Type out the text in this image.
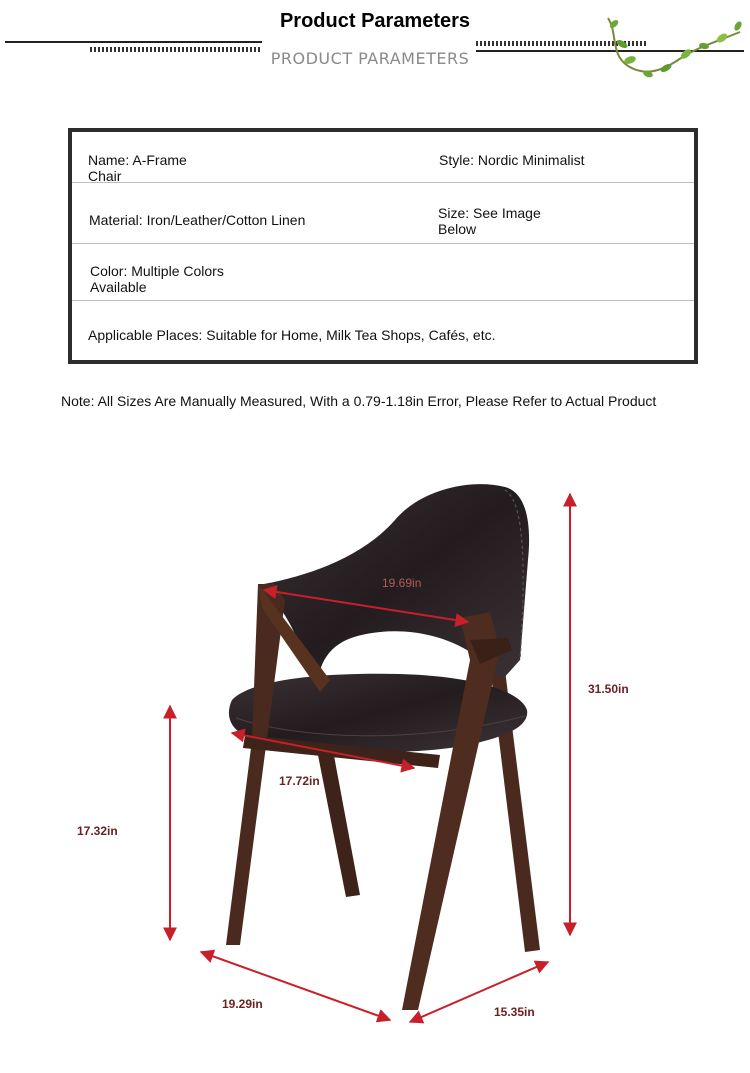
Product Parameters
PRODUCT PARAMETERS
Name: A-Frame Chair
Style: Nordic Minimalist
Material: Iron/Leather/Cotton Linen	Size: See Image Below
Color: Multiple Colors Available
Applicable Places: Suitable for Home, Milk Tea Shops, Cafés, etc.
Note: All Sizes Are Manually Measured, With a 0.79-1.18in Error, Please Refer to Actual Product
19.69in
17.72in
31.50in
17.32in
19.29in
15.35in
